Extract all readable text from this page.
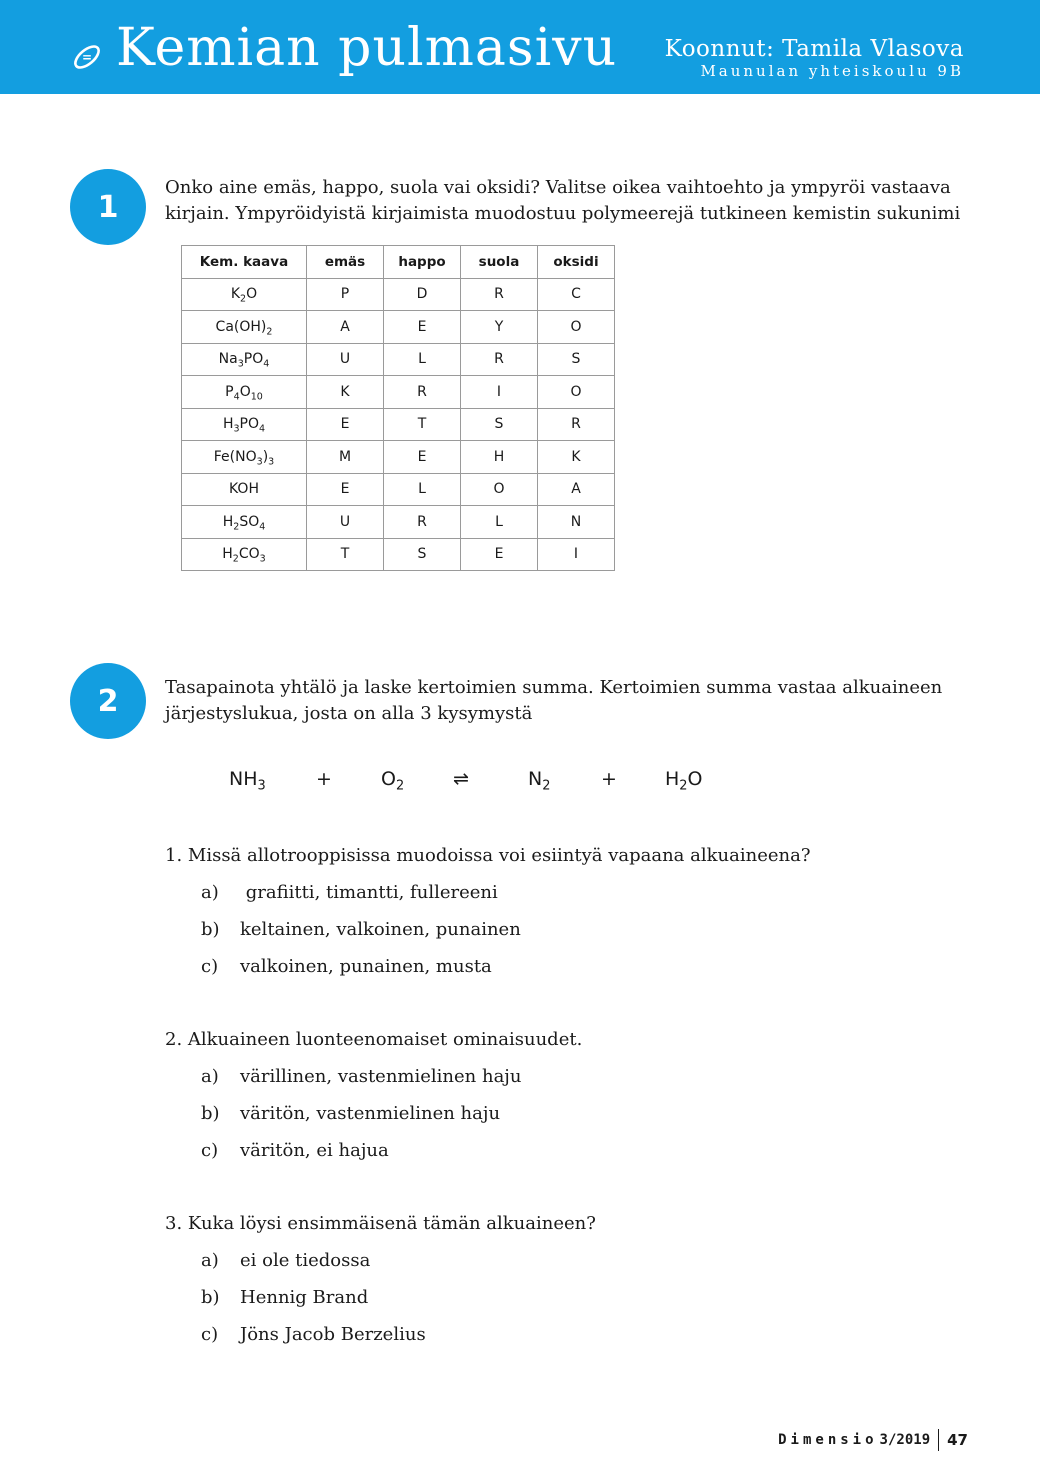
= Kemian pulmasivu Koonnut: Tamila Vlasova
Maunulan yhteiskoulu 9B
1
Onko aine emäs, happo, suola vai oksidi? Valitse oikea vaihtoehto ja ympyröi vastaava
kirjain. Ympyröidyistä kirjaimista muodostuu polymeerejä tutkineen kemistin sukunimi
Kem. kaava	emäs	happo	suola	oksidi
$K_2O$	P	D	R	C
$Ca(OH)_2$	A	E	Y	O
$Na_3PO_4$	U	L	R	S
$P_4O_{10}$	K	R	I	O
$H_3PO_4$	E	T	S	R
$Fe(NO_3)_3$	M	E	H	K
KOH	E	L	O	A
$H_2SO_4$	U	R	L	N
$H_2CO_3$	T	S	E	I
2	Tasapainota yhtälö ja laske kertoimien summa. Kertoimien summa vastaa alkuaineen
järjestyslukua, josta on alla 3 kysymystä
$NH_3$	+	$O_2$	⇌	$N_2$	+	$H_2O$
1. Missä allotrooppisissa muodoissa voi esiintyä vapaana alkuaineena?
a) grafiitti, timantti, fullereeni
b) keltainen, valkoinen, punainen
c) valkoinen, punainen, musta
2. Alkuaineen luonteenomaiset ominaisuudet.
a) värillinen, vastenmielinen haju
b) väritön, vastenmielinen haju
c) väritön, ei hajua
3. Kuka löysi ensimmäisenä tämän alkuaineen?
a) ei ole tiedossa
b) Hennig Brand
c) Jöns Jacob Berzelius
Dimensio 3/2019 47
